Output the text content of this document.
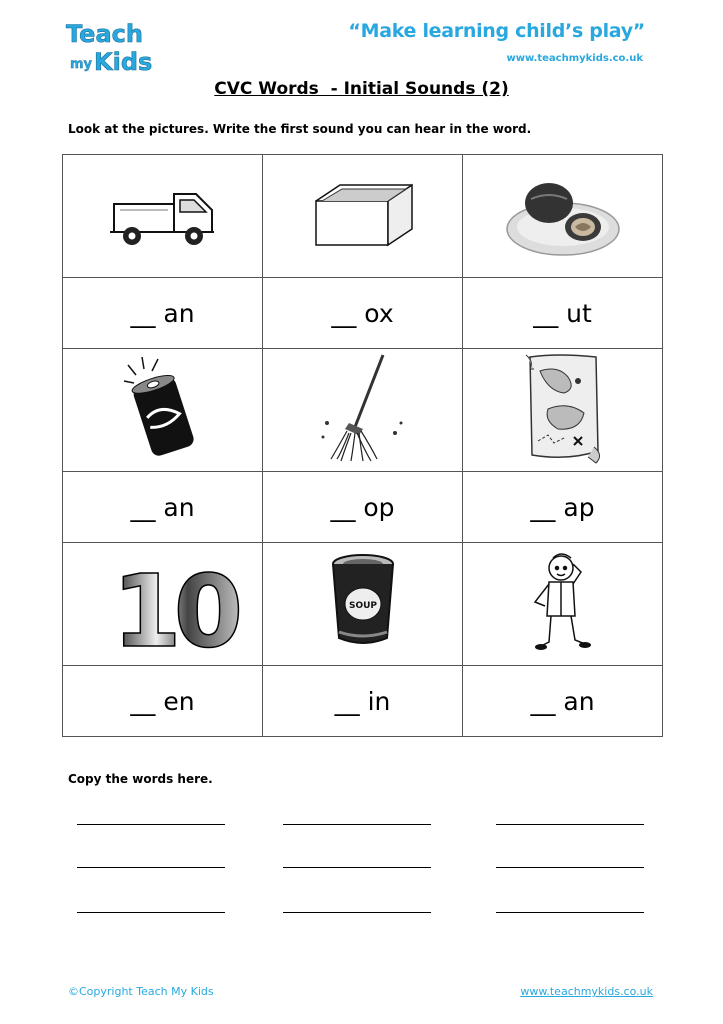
Teach
my Kids
“Make learning child’s play”
www.teachmykids.co.uk
CVC Words  - Initial Sounds (2)
Look at the pictures. Write the first sound you can hear in the word.

__ an	__ ox	__ ut

__ an	__ op	__ ap

10	SOUP

__ en	__ in	__ an
Copy the words here.
©Copyright Teach My Kids	www.teachmykids.co.uk
